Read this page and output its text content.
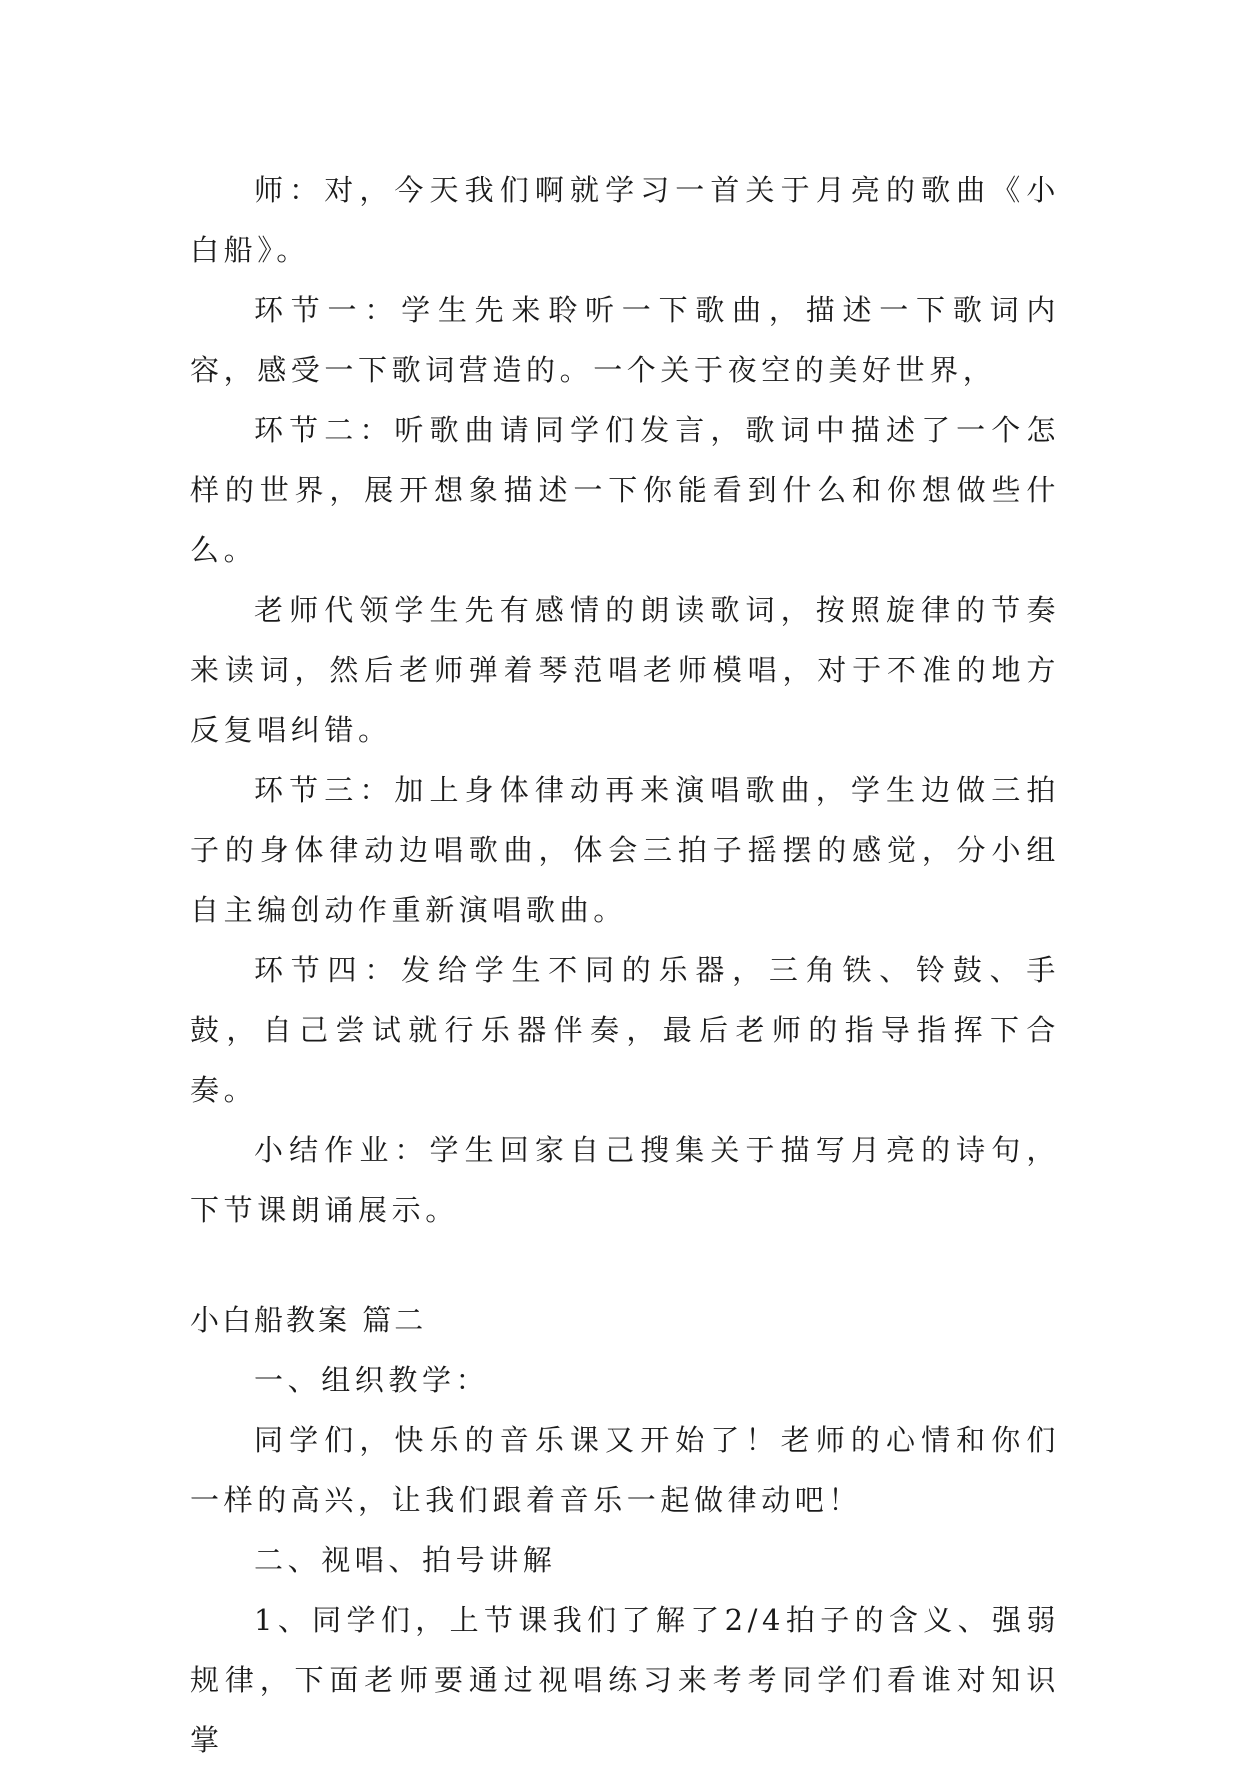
师：对，今天我们啊就学习一首关于月亮的歌曲《小白船》。

环节一：学生先来聆听一下歌曲，描述一下歌词内容，感受一下歌词营造的。一个关于夜空的美好世界，

环节二：听歌曲请同学们发言，歌词中描述了一个怎样的世界，展开想象描述一下你能看到什么和你想做些什么。

老师代领学生先有感情的朗读歌词，按照旋律的节奏来读词，然后老师弹着琴范唱老师模唱，对于不准的地方反复唱纠错。

环节三：加上身体律动再来演唱歌曲，学生边做三拍子的身体律动边唱歌曲，体会三拍子摇摆的感觉，分小组自主编创动作重新演唱歌曲。

环节四：发给学生不同的乐器，三角铁、铃鼓、手鼓，自己尝试就行乐器伴奏，最后老师的指导指挥下合奏。

小结作业：学生回家自己搜集关于描写月亮的诗句，下节课朗诵展示。

小白船教案 篇二

一、组织教学：

同学们，快乐的音乐课又开始了！老师的心情和你们一样的高兴，让我们跟着音乐一起做律动吧！

二、视唱、拍号讲解

1、同学们，上节课我们了解了2/4拍子的含义、强弱规律，下面老师要通过视唱练习来考考同学们看谁对知识掌
